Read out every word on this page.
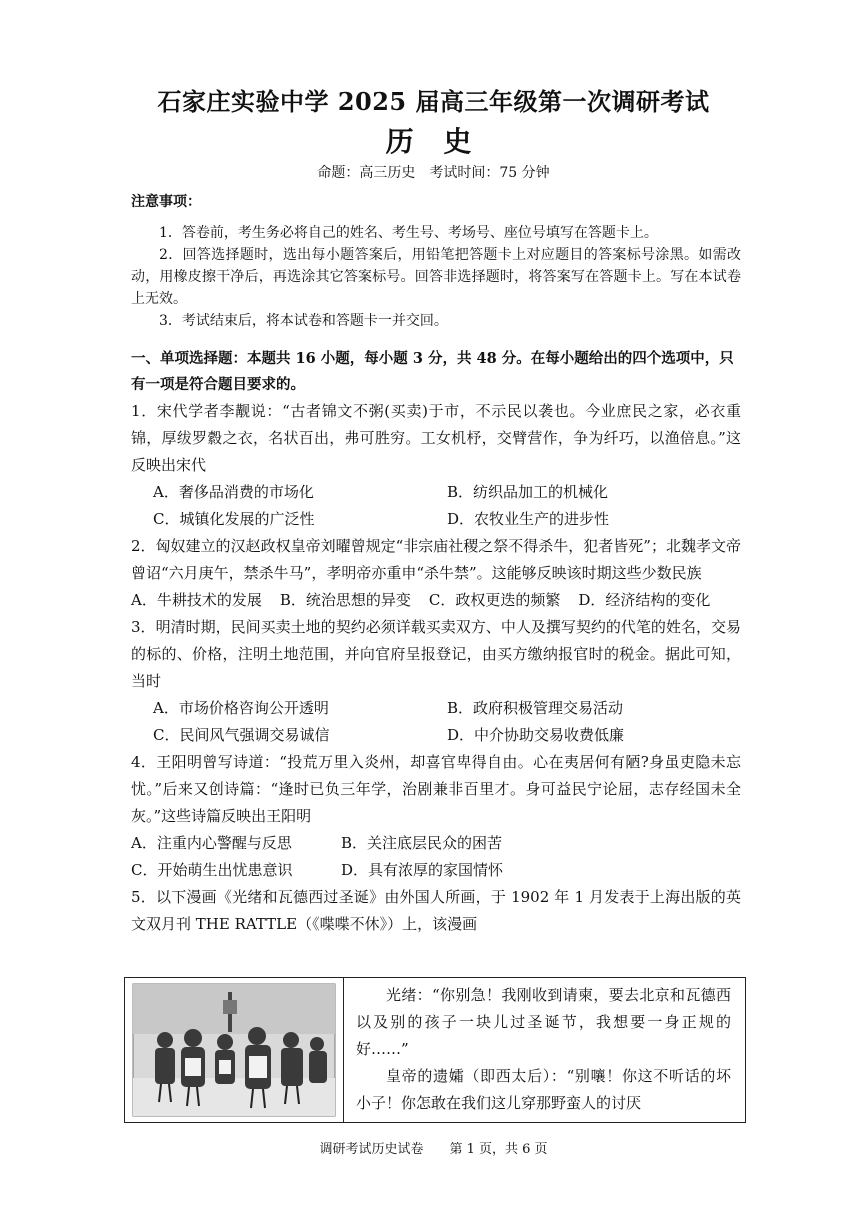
石家庄实验中学 2025 届高三年级第一次调研考试
历 史
命题：高三历史　考试时间：75 分钟
注意事项：
1．答卷前，考生务必将自己的姓名、考生号、考场号、座位号填写在答题卡上。
2．回答选择题时，选出每小题答案后，用铅笔把答题卡上对应题目的答案标号涂黑。如需改动，用橡皮擦干净后，再选涂其它答案标号。回答非选择题时，将答案写在答题卡上。写在本试卷上无效。
3．考试结束后，将本试卷和答题卡一并交回。
一、单项选择题：本题共 16 小题，每小题 3 分，共 48 分。在每小题给出的四个选项中，只有一项是符合题目要求的。
1．宋代学者李觏说：“古者锦文不粥(买卖)于市，不示民以袭也。今业庶民之家，必衣重锦，厚绂罗縠之衣，名状百出，弗可胜穷。工女机杼，交臂营作，争为纤巧，以渔倍息。”这反映出宋代
A．奢侈品消费的市场化	B．纺织品加工的机械化
C．城镇化发展的广泛性	D．农牧业生产的进步性
2．匈奴建立的汉赵政权皇帝刘曜曾规定“非宗庙社稷之祭不得杀牛，犯者皆死”；北魏孝文帝曾诏“六月庚午，禁杀牛马”，孝明帝亦重申“杀牛禁”。这能够反映该时期这些少数民族
A．牛耕技术的发展 B．统治思想的异变 C．政权更迭的频繁 D．经济结构的变化
3．明清时期，民间买卖土地的契约必须详载买卖双方、中人及撰写契约的代笔的姓名，交易的标的、价格，注明土地范围，并向官府呈报登记，由买方缴纳报官时的税金。据此可知，当时
A．市场价格咨询公开透明	B．政府积极管理交易活动
C．民间风气强调交易诚信	D．中介协助交易收费低廉
4．王阳明曾写诗道：“投荒万里入炎州，却喜官卑得自由。心在夷居何有陋?身虽吏隐未忘忧。”后来又创诗篇：“逢时已负三年学，治剧兼非百里才。身可益民宁论屈，志存经国未全灰。”这些诗篇反映出王阳明
A．注重内心警醒与反思	B．关注底层民众的困苦
C．开始萌生出忧患意识	D．具有浓厚的家国情怀
5．以下漫画《光绪和瓦德西过圣诞》由外国人所画，于 1902 年 1 月发表于上海出版的英文双月刊 THE RATTLE（《喋喋不休》）上，该漫画

光绪：“你别急！我刚收到请柬，要去北京和瓦德西以及别的孩子一块儿过圣诞节，我想要一身正规的好……”

皇帝的遗孀（即西太后）：“别嚷！你这不听话的坏小子！你怎敢在我们这儿穿那野蛮人的讨厌

调研考试历史试卷　　第 1 页，共 6 页
